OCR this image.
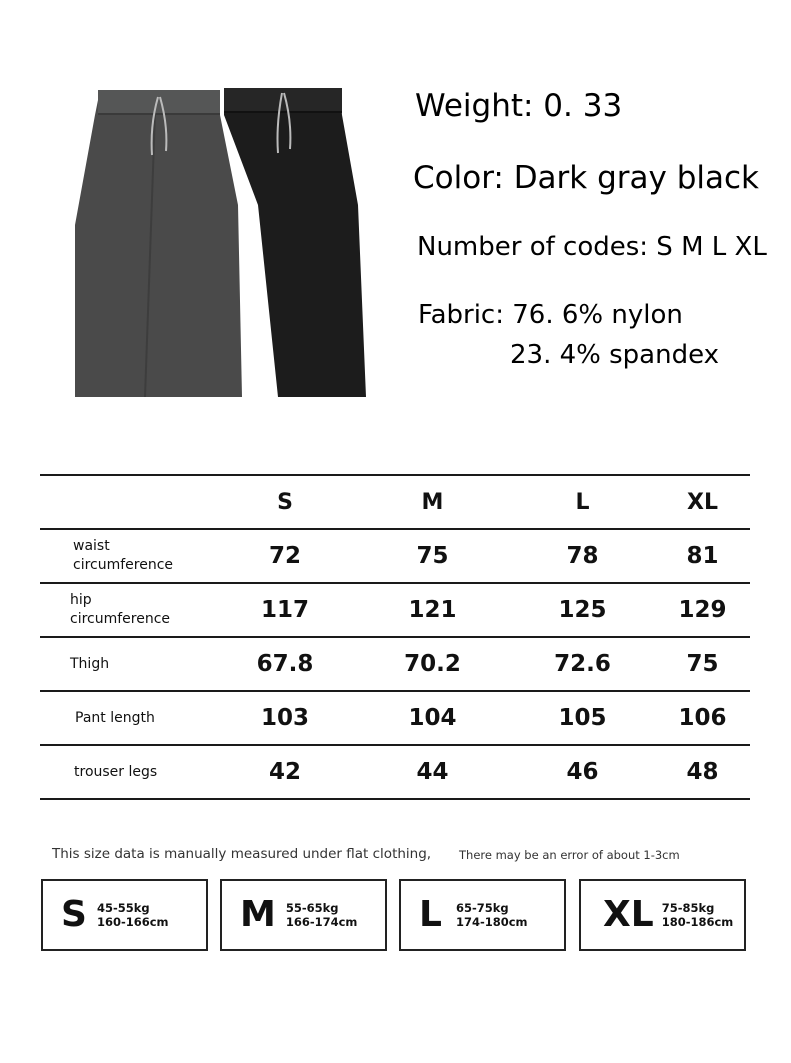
Weight: 0. 33
Color: Dark gray black
Number of codes: S M L XL
Fabric: 76. 6% nylon
23. 4% spandex
	S	M	L	XL
waist
circumference	72	75	78	81
hip
circumference	117	121	125	129
Thigh	67.8	70.2	72.6	75
Pant length	103	104	105	106
trouser legs	42	44	46	48
This size data is manually measured under flat clothing, There may be an error of about 1-3cm
S 45-55kg
160-166cm M 55-65kg
166-174cm L 65-75kg
174-180cm XL 75-85kg
180-186cm
